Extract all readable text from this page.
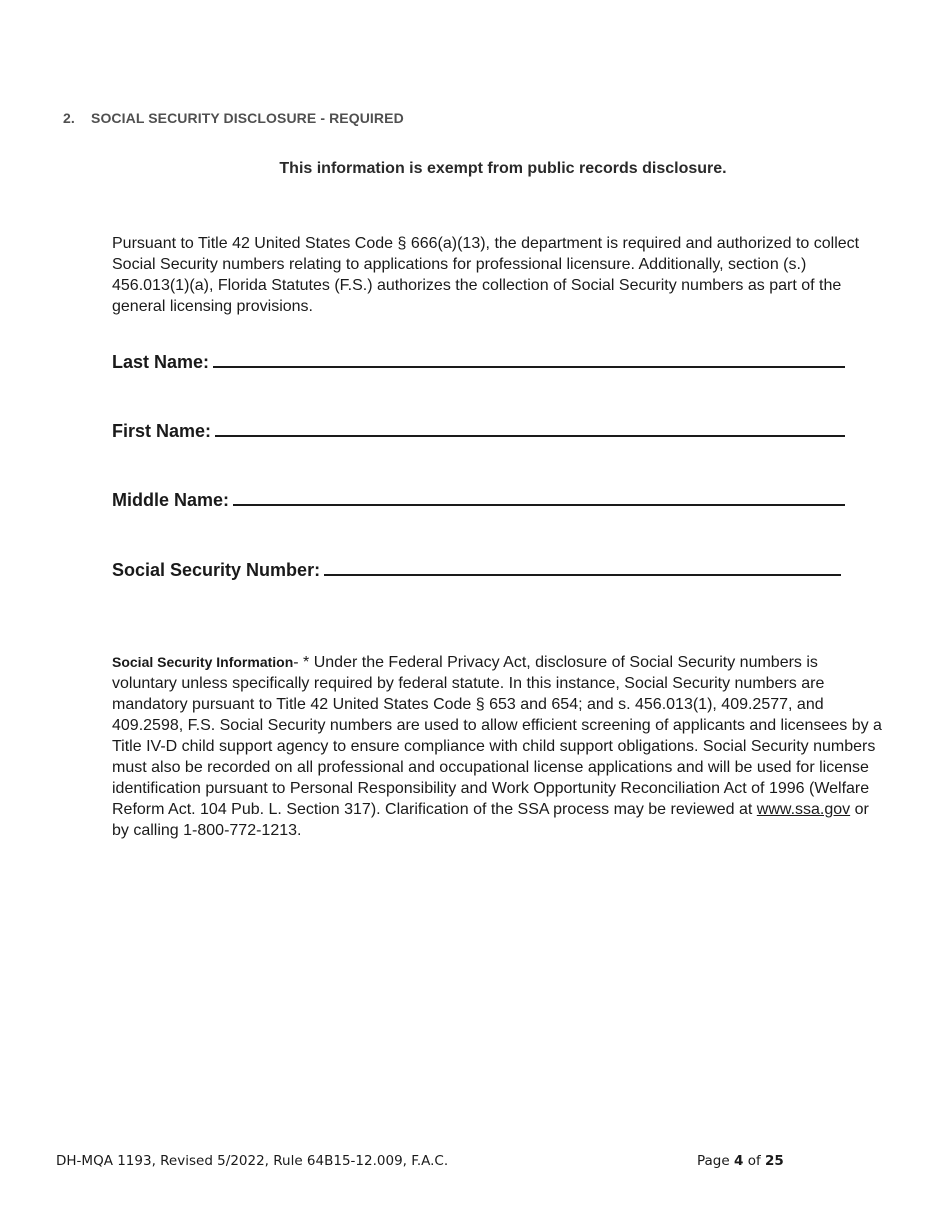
2. SOCIAL SECURITY DISCLOSURE - REQUIRED
This information is exempt from public records disclosure.
Pursuant to Title 42 United States Code § 666(a)(13), the department is required and authorized to collect Social Security numbers relating to applications for professional licensure. Additionally, section (s.) 456.013(1)(a), Florida Statutes (F.S.) authorizes the collection of Social Security numbers as part of the general licensing provisions.
Last Name:
First Name:
Middle Name:
Social Security Number:
Social Security Information- * Under the Federal Privacy Act, disclosure of Social Security numbers is voluntary unless specifically required by federal statute. In this instance, Social Security numbers are mandatory pursuant to Title 42 United States Code § 653 and 654; and s. 456.013(1), 409.2577, and 409.2598, F.S. Social Security numbers are used to allow efficient screening of applicants and licensees by a Title IV-D child support agency to ensure compliance with child support obligations. Social Security numbers must also be recorded on all professional and occupational license applications and will be used for license identification pursuant to Personal Responsibility and Work Opportunity Reconciliation Act of 1996 (Welfare Reform Act. 104 Pub. L. Section 317). Clarification of the SSA process may be reviewed at www.ssa.gov or by calling 1-800-772-1213.
DH-MQA 1193, Revised 5/2022, Rule 64B15-12.009, F.A.C.	Page 4 of 25
